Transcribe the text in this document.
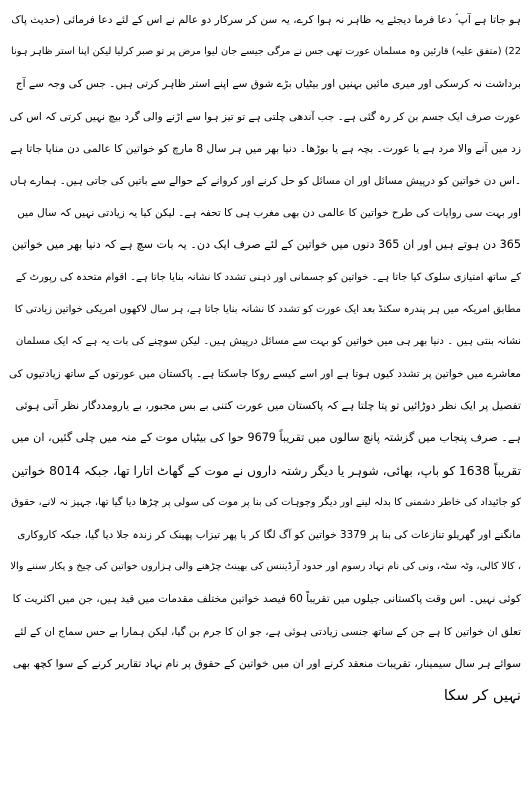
ہو جاتا ہے آپ ؐ دعا فرما دیجئے یہ ظاہر نہ ہوا کرے، یہ سن کر سرکار دو عالم نے اس کے لئے دعا فرمائی (حدیث پاک
22) (متفق علیہ) قارئین وہ مسلمان عورت تھی جس نے مرگی جیسے جان لیوا مرض پر تو صبر کرلیا لیکن اپنا استر ظاہر ہونا
برداشت نہ کرسکی اور میری مائیں بہنیں اور بیٹیاں بڑے شوق سے اپنے استر ظاہر کرتی ہیں۔ جس کی وجہ سے آج
عورت صرف ایک جسم بن کر رہ گئی ہے۔ جب آندھی چلتی ہے تو تیز ہوا سے اڑنے والی گرد بیچ نہیں کرتی کہ اس کی
زد میں آنے والا مرد ہے یا عورت۔ بچہ ہے یا بوڑھا۔ دنیا بھر میں ہر سال 8 مارچ کو خواتین کا عالمی دن منایا جاتا ہے
۔اس دن خواتین کو درپیش مسائل اور ان مسائل کو حل کرنے اور کروانے کے حوالے سے باتیں کی جاتی ہیں۔ ہمارے ہاں
اور بہت سی روایات کی طرح خواتین کا عالمی دن بھی مغرب ہی کا تحفہ ہے۔ لیکن کیا یہ زیادتی نہیں کہ سال میں
365 دن ہوتے ہیں اور ان 365 دنوں میں خواتین کے لئے صرف ایک دن۔ یہ بات سچ ہے کہ دنیا بھر میں خواتین
کے ساتھ امتیازی سلوک کیا جاتا ہے۔ خواتین کو جسمانی اور ذہنی تشدد کا نشانہ بنایا جاتا ہے۔ اقوام متحدہ کی رپورٹ کے
مطابق امریکہ میں ہر پندرہ سکنڈ بعد ایک عورت کو تشدد کا نشانہ بنایا جاتا ہے، ہر سال لاکھوں امریکی خواتین زیادتی کا
نشانہ بنتی ہیں ۔ دنیا بھر ہی میں خواتین کو بہت سے مسائل درپیش ہیں۔ لیکن سوچنے کی بات یہ ہے کہ ایک مسلمان
معاشرے میں خواتین پر تشدد کیوں ہوتا ہے اور اسے کیسے روکا جاسکتا ہے۔ پاکستان میں عورتوں کے ساتھ زیادتیوں کی
تفصیل پر ایک نظر دوڑائیں تو پتا چلتا ہے کہ پاکستان میں عورت کتنی بے بس مجبور، بے یارومددگار نظر آتی ہوئی
ہے۔ صرف پنجاب میں گزشتہ پانچ سالوں میں تقریباً 9679 حوا کی بیٹیاں موت کے منہ میں چلی گئیں، ان میں
تقریباً 1638 کو باپ، بھائی، شوہر یا دیگر رشتہ داروں نے موت کے گھاٹ اتارا تھا، جبکہ 8014 خواتین
کو جائیداد کی خاطر دشمنی کا بدلہ لینے اور دیگر وجوہات کی بنا پر موت کی سولی پر چڑھا دیا گیا تھا، جہیز نہ لانے، حقوق
مانگنے اور گھریلو تنازعات کی بنا پر 3379 خواتین کو آگ لگا کر یا پھر تیزاب پھینک کر زندہ جلا دیا گیا، جبکہ کاروکاری
، کالا کالی، وٹہ سٹہ، ونی کی نام نہاد رسوم اور حدود آرڈیننس کی بھینٹ چڑھنے والی ہزاروں خواتین کی چیخ و پکار سننے والا
کوئی نہیں۔ اس وقت پاکستانی جیلوں میں تقریباً 60 فیصد خواتین مختلف مقدمات میں قید ہیں، جن میں اکثریت کا
تعلق ان خواتین کا ہے جن کے ساتھ جنسی زیادتی ہوئی ہے، جو ان کا جرم بن گیا، لیکن ہمارا بے حس سماج ان کے لئے
سوائے ہر سال سیمینار، تقریبات منعقد کرنے اور ان میں خواتین کے حقوق پر نام نہاد تقاریر کرنے کے سوا کچھ بھی
نہیں کر سکا
